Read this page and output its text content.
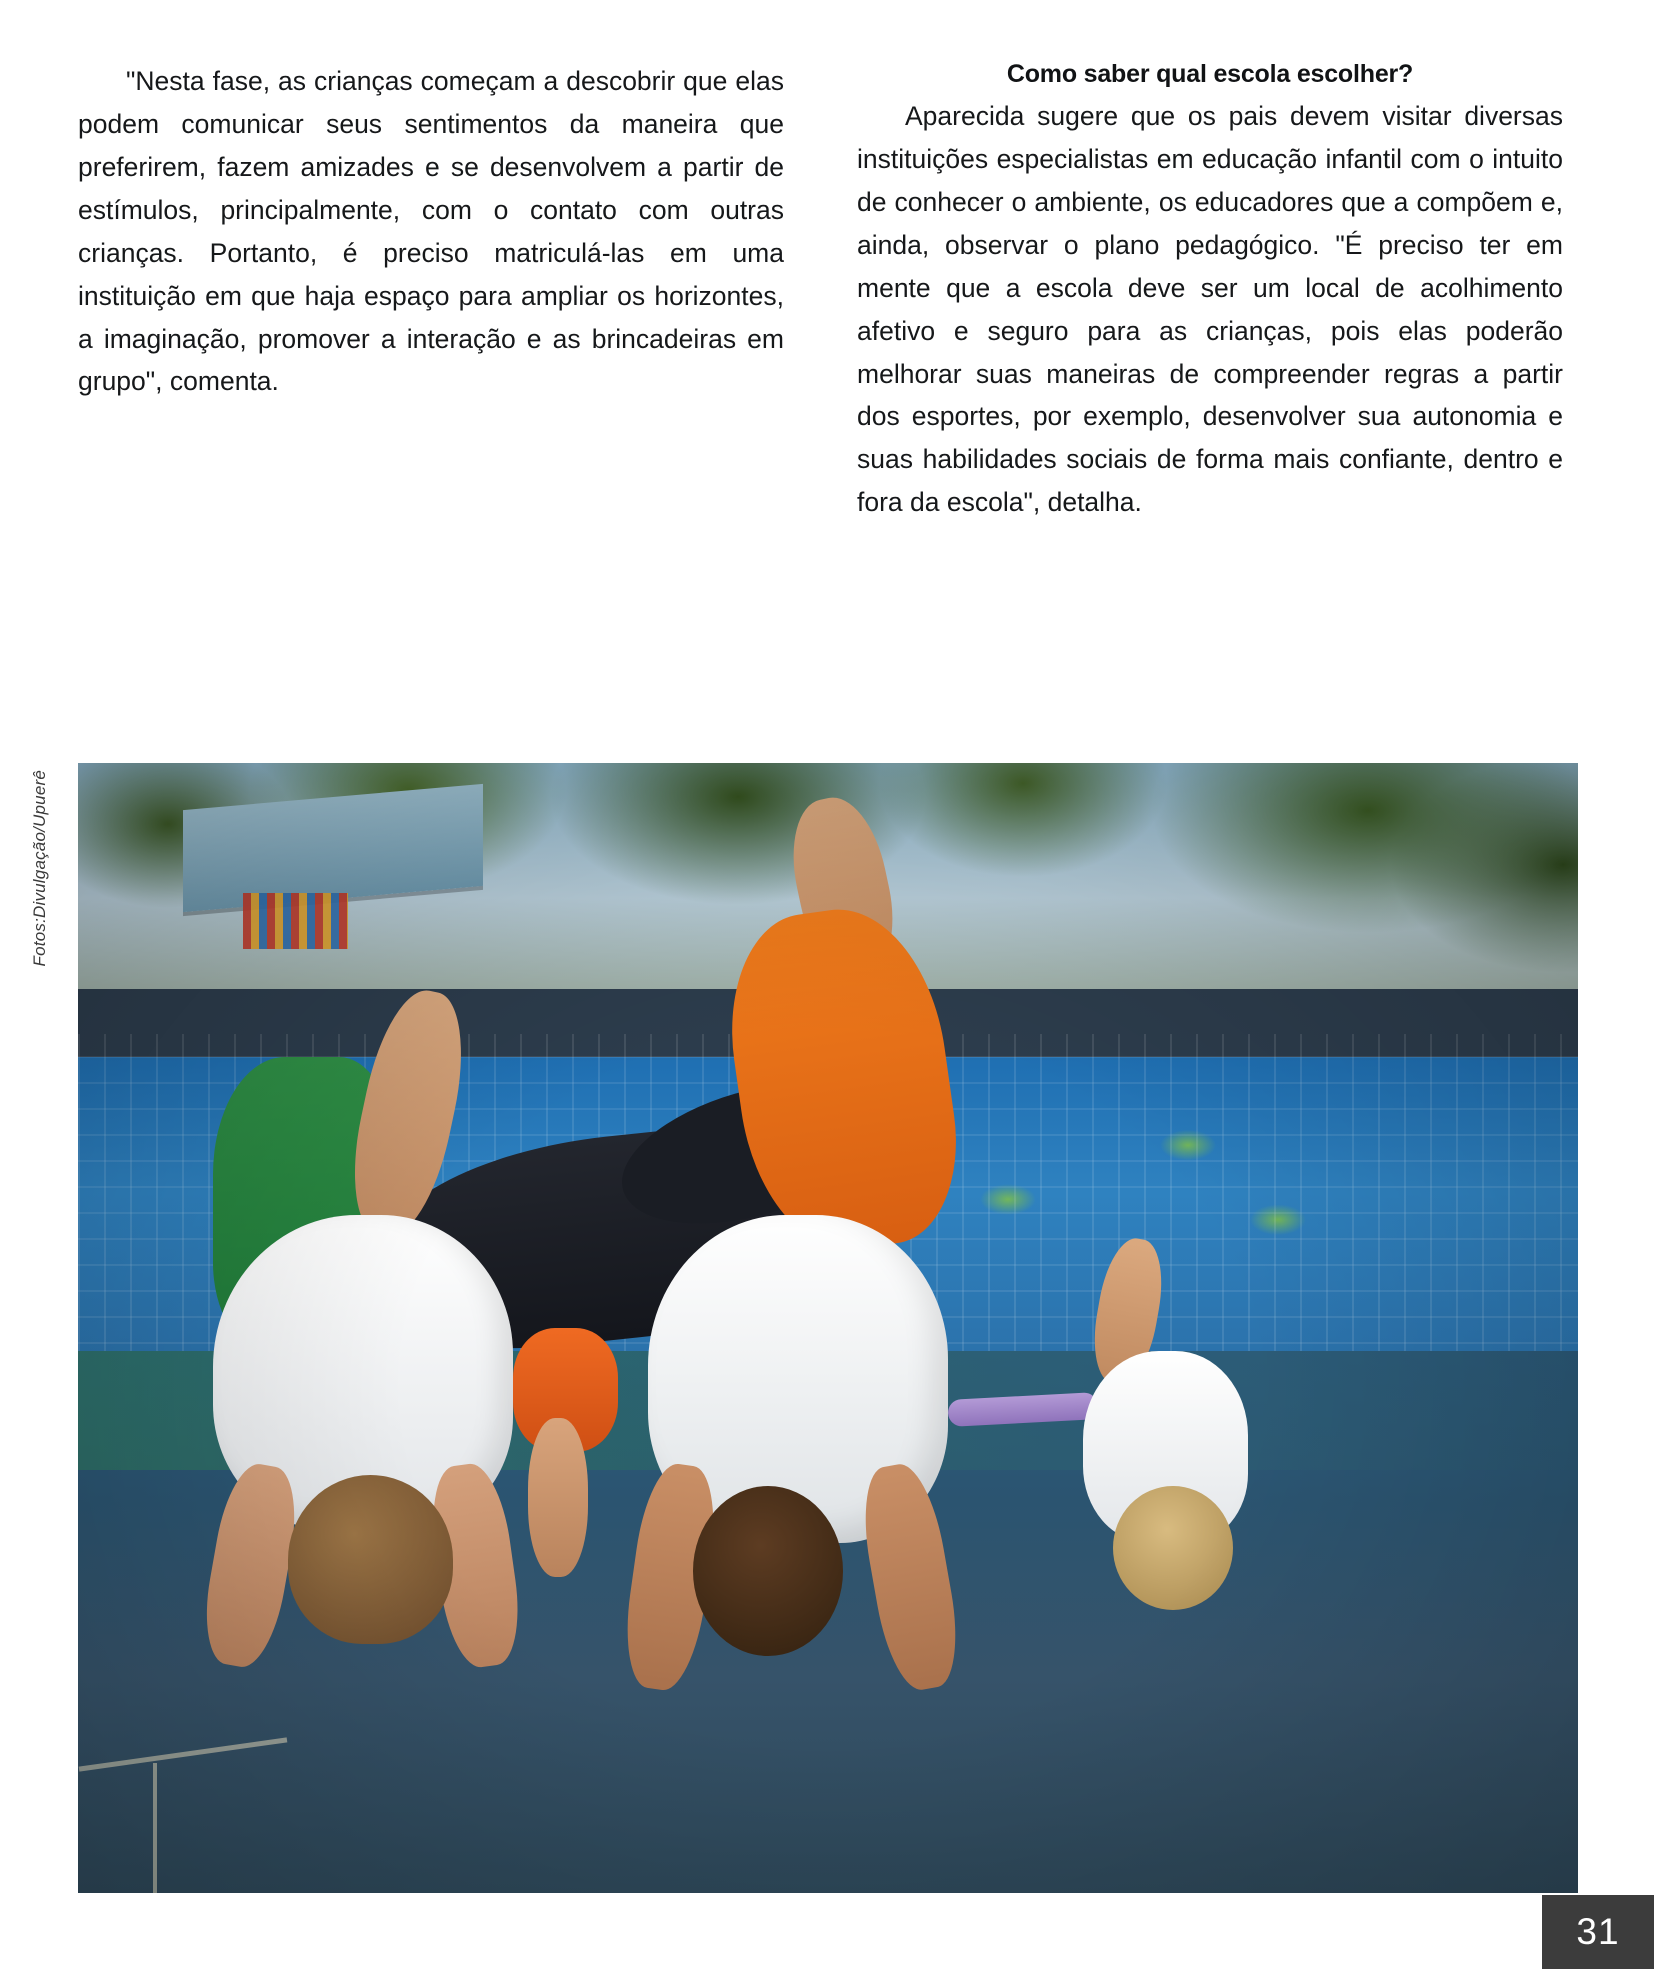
"Nesta fase, as crianças começam a descobrir que elas podem comunicar seus sentimentos da maneira que preferirem, fazem amizades e se desenvolvem a partir de estímulos, principalmente, com o contato com outras crianças. Portanto, é preciso matriculá-las em uma instituição em que haja espaço para ampliar os horizontes, a imaginação, promover a interação e as brincadeiras em grupo", comenta.

Como saber qual escola escolher?

Aparecida sugere que os pais devem visitar diversas instituições especialistas em educação infantil com o intuito de conhecer o ambiente, os educadores que a compõem e, ainda, observar o plano pedagógico. "É preciso ter em mente que a escola deve ser um local de acolhimento afetivo e seguro para as crianças, pois elas poderão melhorar suas maneiras de compreender regras a partir dos esportes, por exemplo, desenvolver sua autonomia e suas habilidades sociais de forma mais confiante, dentro e fora da escola", detalha.

Fotos:Divulgação/Upuerê
31
